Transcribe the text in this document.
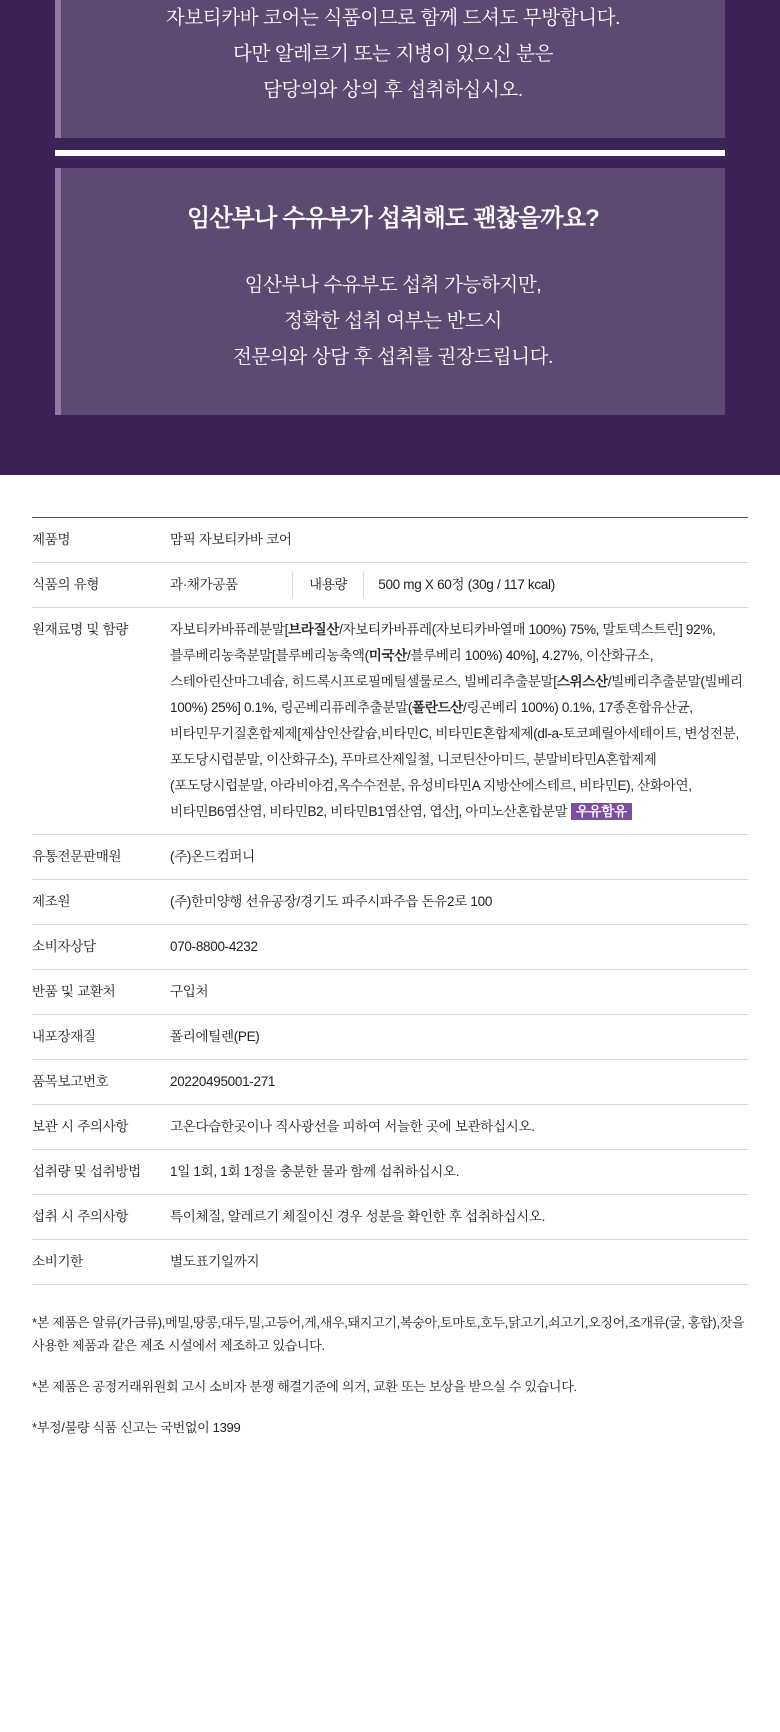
자보티카바 코어는 식품이므로 함께 드셔도 무방합니다.

다만 알레르기 또는 지병이 있으신 분은

담당의와 상의 후 섭취하십시오.

임산부나 수유부가 섭취해도 괜찮을까요?

임산부나 수유부도 섭취 가능하지만,

정확한 섭취 여부는 반드시

전문의와 상담 후 섭취를 권장드립니다.

제품명	맘픽 자보티카바 코어
식품의 유형	과·채가공품 내용량 500 mg X 60정 (30g / 117 kcal)

원재료명 및 함량	자보티카바퓨레분말[브라질산/자보티카바퓨레(자보티카바열매 100%) 75%, 말토덱스트린] 92%, 블루베리농축분말[블루베리농축액(미국산/블루베리 100%) 40%], 4.27%, 이산화규소, 스테아린산마그네슘, 히드록시프로필메틸셀룰로스, 빌베리추출분말[스위스산/빌베리추출분말(빌베리 100%) 25%] 0.1%, 링곤베리퓨레추출분말(폴란드산/링곤베리 100%) 0.1%, 17종혼합유산균, 비타민무기질혼합제제[제삼인산칼슘,비타민C, 비타민E혼합제제(dl-a-토코페릴아세테이트, 변성전분, 포도당시럽분말, 이산화규소), 푸마르산제일철, 니코틴산아미드, 분말비타민A혼합제제(포도당시럽분말, 아라비아검,옥수수전분, 유성비타민A 지방산에스테르, 비타민E), 산화아연, 비타민B6염산염, 비타민B2, 비타민B1염산염, 엽산], 아미노산혼합분말 우유함유

유통전문판매원	(주)온드컴퍼니
제조원	(주)한미양행 선유공장/경기도 파주시파주읍 돈유2로 100
소비자상담	070-8800-4232
반품 및 교환처	구입처
내포장재질	폴리에틸렌(PE)
품목보고번호	20220495001-271
보관 시 주의사항	고온다습한곳이나 직사광선을 피하여 서늘한 곳에 보관하십시오.
섭취량 및 섭취방법	1일 1회, 1회 1정을 충분한 물과 함께 섭취하십시오.
섭취 시 주의사항	특이체질, 알레르기 체질이신 경우 성분을 확인한 후 섭취하십시오.
소비기한	별도표기일까지

*본 제품은 알류(가금류),메밀,땅콩,대두,밀,고등어,게,새우,돼지고기,복숭아,토마토,호두,닭고기,쇠고기,오징어,조개류(굴, 홍합),잣을 사용한 제품과 같은 제조 시설에서 제조하고 있습니다.

*본 제품은 공정거래위원회 고시 소비자 분쟁 해결기준에 의거, 교환 또는 보상을 받으실 수 있습니다.

*부정/불량 식품 신고는 국번없이 1399
